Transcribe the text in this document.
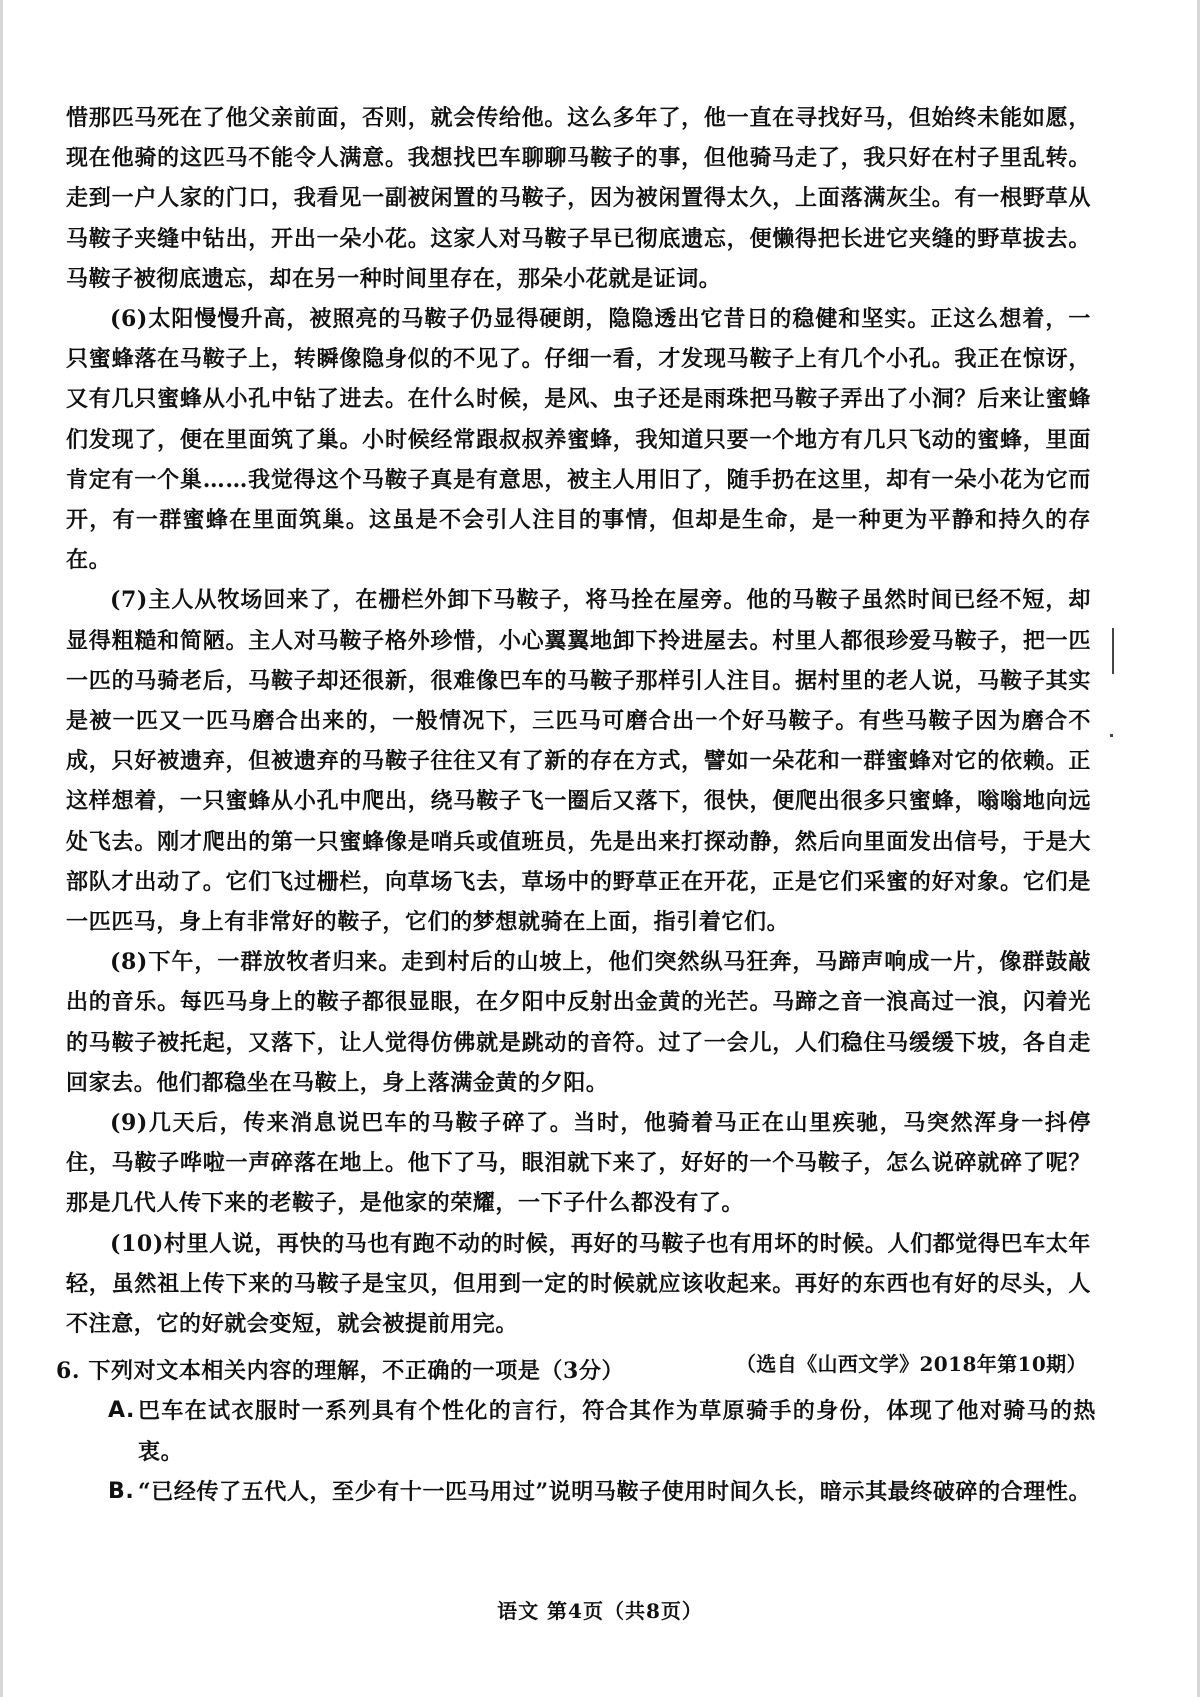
惜那匹马死在了他父亲前面，否则，就会传给他。这么多年了，他一直在寻找好马，但始终未能如愿，现在他骑的这匹马不能令人满意。我想找巴车聊聊马鞍子的事，但他骑马走了，我只好在村子里乱转。走到一户人家的门口，我看见一副被闲置的马鞍子，因为被闲置得太久，上面落满灰尘。有一根野草从马鞍子夹缝中钻出，开出一朵小花。这家人对马鞍子早已彻底遗忘，便懒得把长进它夹缝的野草拔去。马鞍子被彻底遗忘，却在另一种时间里存在，那朵小花就是证词。

(6)太阳慢慢升高，被照亮的马鞍子仍显得硬朗，隐隐透出它昔日的稳健和坚实。正这么想着，一只蜜蜂落在马鞍子上，转瞬像隐身似的不见了。仔细一看，才发现马鞍子上有几个小孔。我正在惊讶，又有几只蜜蜂从小孔中钻了进去。在什么时候，是风、虫子还是雨珠把马鞍子弄出了小洞？后来让蜜蜂们发现了，便在里面筑了巢。小时候经常跟叔叔养蜜蜂，我知道只要一个地方有几只飞动的蜜蜂，里面肯定有一个巢……我觉得这个马鞍子真是有意思，被主人用旧了，随手扔在这里，却有一朵小花为它而开，有一群蜜蜂在里面筑巢。这虽是不会引人注目的事情，但却是生命，是一种更为平静和持久的存在。

(7)主人从牧场回来了，在栅栏外卸下马鞍子，将马拴在屋旁。他的马鞍子虽然时间已经不短，却显得粗糙和简陋。主人对马鞍子格外珍惜，小心翼翼地卸下拎进屋去。村里人都很珍爱马鞍子，把一匹一匹的马骑老后，马鞍子却还很新，很难像巴车的马鞍子那样引人注目。据村里的老人说，马鞍子其实是被一匹又一匹马磨合出来的，一般情况下，三匹马可磨合出一个好马鞍子。有些马鞍子因为磨合不成，只好被遗弃，但被遗弃的马鞍子往往又有了新的存在方式，譬如一朵花和一群蜜蜂对它的依赖。正这样想着，一只蜜蜂从小孔中爬出，绕马鞍子飞一圈后又落下，很快，便爬出很多只蜜蜂，嗡嗡地向远处飞去。刚才爬出的第一只蜜蜂像是哨兵或值班员，先是出来打探动静，然后向里面发出信号，于是大部队才出动了。它们飞过栅栏，向草场飞去，草场中的野草正在开花，正是它们采蜜的好对象。它们是一匹匹马，身上有非常好的鞍子，它们的梦想就骑在上面，指引着它们。

(8)下午，一群放牧者归来。走到村后的山坡上，他们突然纵马狂奔，马蹄声响成一片，像群鼓敲出的音乐。每匹马身上的鞍子都很显眼，在夕阳中反射出金黄的光芒。马蹄之音一浪高过一浪，闪着光的马鞍子被托起，又落下，让人觉得仿佛就是跳动的音符。过了一会儿，人们稳住马缓缓下坡，各自走回家去。他们都稳坐在马鞍上，身上落满金黄的夕阳。

(9)几天后，传来消息说巴车的马鞍子碎了。当时，他骑着马正在山里疾驰，马突然浑身一抖停住，马鞍子哗啦一声碎落在地上。他下了马，眼泪就下来了，好好的一个马鞍子，怎么说碎就碎了呢？那是几代人传下来的老鞍子，是他家的荣耀，一下子什么都没有了。

(10)村里人说，再快的马也有跑不动的时候，再好的马鞍子也有用坏的时候。人们都觉得巴车太年轻，虽然祖上传下来的马鞍子是宝贝，但用到一定的时候就应该收起来。再好的东西也有好的尽头，人不注意，它的好就会变短，就会被提前用完。

（选自《山西文学》2018年第10期）

6. 下列对文本相关内容的理解，不正确的一项是（3分）

A. 巴车在试衣服时一系列具有个性化的言行，符合其作为草原骑手的身份，体现了他对骑马的热衷。
B. “已经传了五代人，至少有十一匹马用过”说明马鞍子使用时间久长，暗示其最终破碎的合理性。
语文 第4页（共8页）
